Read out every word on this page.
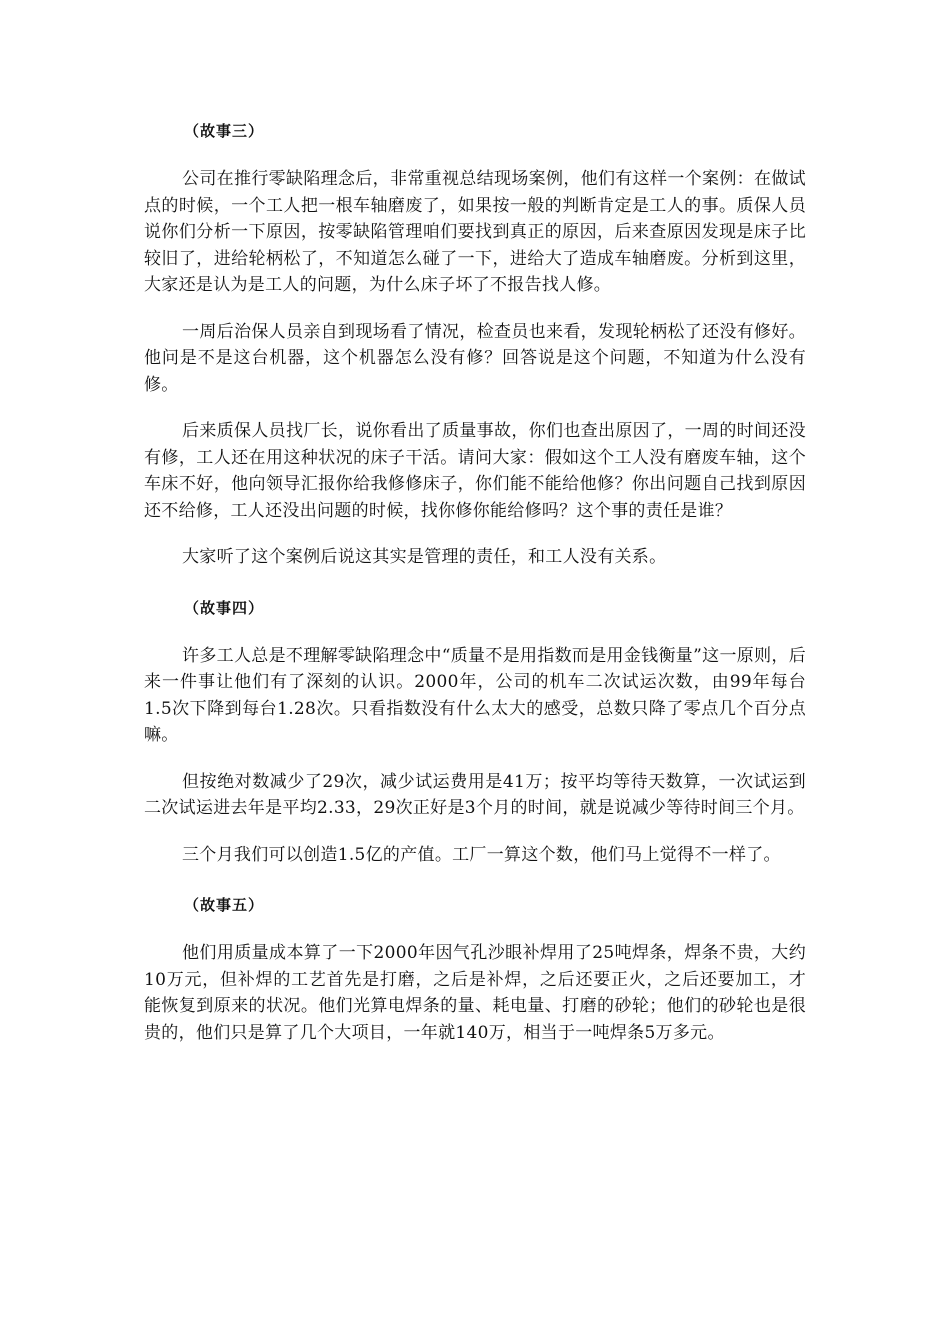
（故事三）

公司在推行零缺陷理念后，非常重视总结现场案例，他们有这样一个案例：在做试点的时候，一个工人把一根车轴磨废了，如果按一般的判断肯定是工人的事。质保人员说你们分析一下原因，按零缺陷管理咱们要找到真正的原因，后来查原因发现是床子比较旧了，进给轮柄松了，不知道怎么碰了一下，进给大了造成车轴磨废。分析到这里，大家还是认为是工人的问题，为什么床子坏了不报告找人修。

一周后治保人员亲自到现场看了情况，检查员也来看，发现轮柄松了还没有修好。他问是不是这台机器，这个机器怎么没有修？回答说是这个问题，不知道为什么没有修。

后来质保人员找厂长，说你看出了质量事故，你们也查出原因了，一周的时间还没有修，工人还在用这种状况的床子干活。请问大家：假如这个工人没有磨废车轴，这个车床不好，他向领导汇报你给我修修床子，你们能不能给他修？你出问题自己找到原因还不给修，工人还没出问题的时候，找你修你能给修吗？这个事的责任是谁？

大家听了这个案例后说这其实是管理的责任，和工人没有关系。

（故事四）

许多工人总是不理解零缺陷理念中“质量不是用指数而是用金钱衡量”这一原则，后来一件事让他们有了深刻的认识。2000年，公司的机车二次试运次数，由99年每台1.5次下降到每台1.28次。只看指数没有什么太大的感受，总数只降了零点几个百分点嘛。

但按绝对数减少了29次，减少试运费用是41万；按平均等待天数算，一次试运到二次试运进去年是平均2.33，29次正好是3个月的时间，就是说减少等待时间三个月。

三个月我们可以创造1.5亿的产值。工厂一算这个数，他们马上觉得不一样了。

（故事五）

他们用质量成本算了一下2000年因气孔沙眼补焊用了25吨焊条，焊条不贵，大约10万元，但补焊的工艺首先是打磨，之后是补焊，之后还要正火，之后还要加工，才能恢复到原来的状况。他们光算电焊条的量、耗电量、打磨的砂轮；他们的砂轮也是很贵的，他们只是算了几个大项目，一年就140万，相当于一吨焊条5万多元。
